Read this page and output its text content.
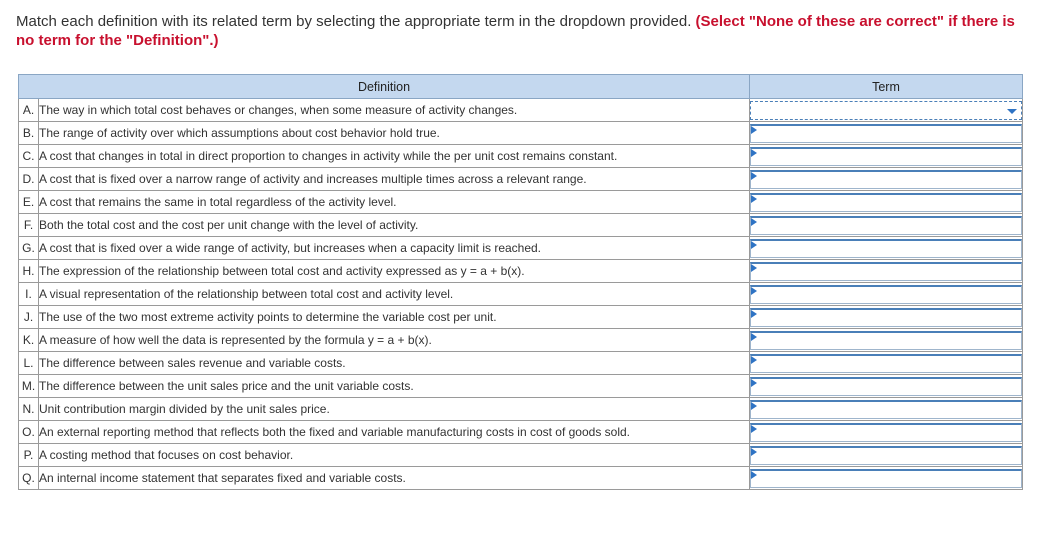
Match each definition with its related term by selecting the appropriate term in the dropdown provided. (Select "None of these are correct" if there is no term for the "Definition".)
Definition		Term
A.	The way in which total cost behaves or changes, when some measure of activity changes.	

B.	The range of activity over which assumptions about cost behavior hold true.	

C.	A cost that changes in total in direct proportion to changes in activity while the per unit cost remains constant.	

D.	A cost that is fixed over a narrow range of activity and increases multiple times across a relevant range.	

E.	A cost that remains the same in total regardless of the activity level.	

F.	Both the total cost and the cost per unit change with the level of activity.	

G.	A cost that is fixed over a wide range of activity, but increases when a capacity limit is reached.	

H.	The expression of the relationship between total cost and activity expressed as y = a + b(x).	

I.	A visual representation of the relationship between total cost and activity level.	

J.	The use of the two most extreme activity points to determine the variable cost per unit.	

K.	A measure of how well the data is represented by the formula y = a + b(x).	

L.	The difference between sales revenue and variable costs.	

M.	The difference between the unit sales price and the unit variable costs.	

N.	Unit contribution margin divided by the unit sales price.	

O.	An external reporting method that reflects both the fixed and variable manufacturing costs in cost of goods sold.	

P.	A costing method that focuses on cost behavior.	

Q.	An internal income statement that separates fixed and variable costs.	
